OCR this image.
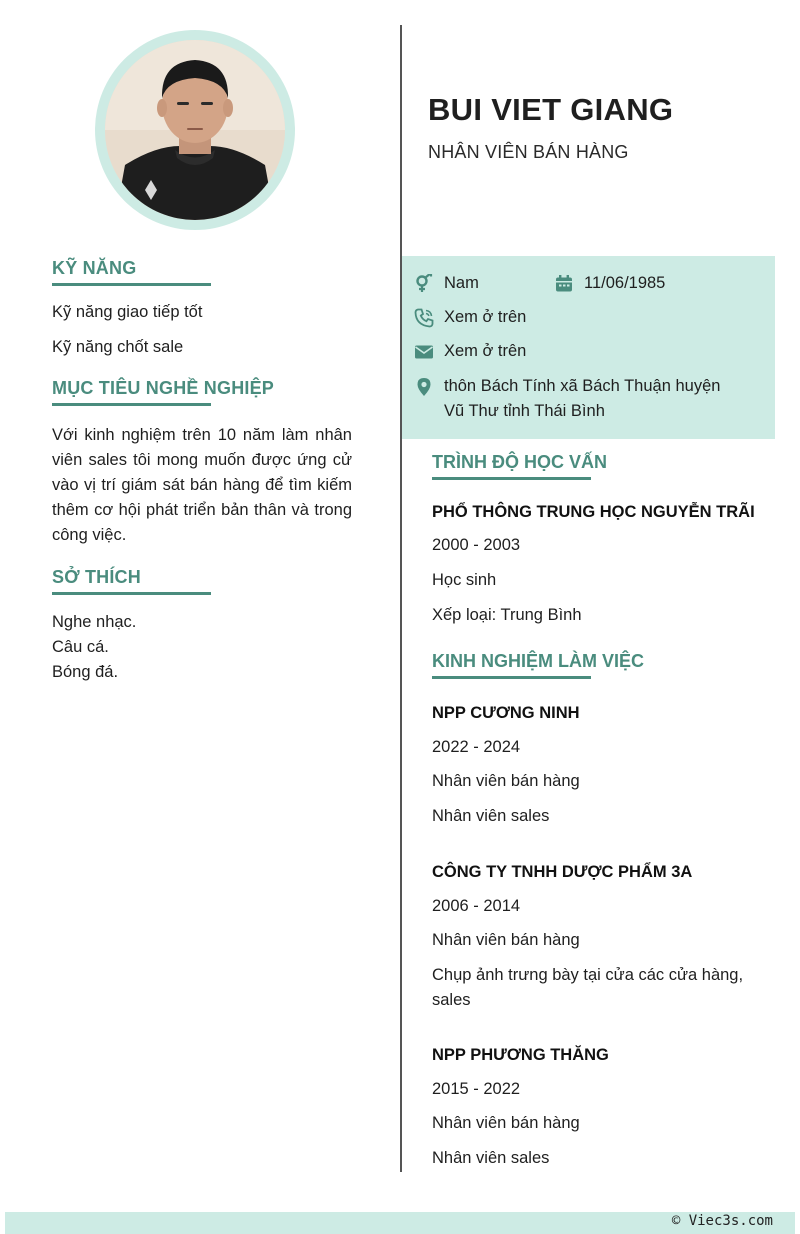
KỸ NĂNG
Kỹ năng giao tiếp tốt
Kỹ năng chốt sale
MỤC TIÊU NGHỀ NGHIỆP
Với kinh nghiệm trên 10 năm làm nhân viên sales tôi mong muốn được ứng cử vào vị trí giám sát bán hàng để tìm kiếm thêm cơ hội phát triển bản thân và trong công việc.
SỞ THÍCH
Nghe nhạc.
Câu cá.
Bóng đá.
BUI VIET GIANG
NHÂN VIÊN BÁN HÀNG
Nam	11/06/1985
Xem ở trên
Xem ở trên
thôn Bách Tính xã Bách Thuận huyện
Vũ Thư tỉnh Thái Bình
TRÌNH ĐỘ HỌC VẤN
PHỔ THÔNG TRUNG HỌC NGUYỄN TRÃI
2000 - 2003
Học sinh
Xếp loại: Trung Bình
KINH NGHIỆM LÀM VIỆC
NPP CƯƠNG NINH
2022 - 2024
Nhân viên bán hàng
Nhân viên sales
CÔNG TY TNHH DƯỢC PHẨM 3A
2006 - 2014
Nhân viên bán hàng
Chụp ảnh trưng bày tại cửa các cửa hàng, sales
NPP PHƯƠNG THĂNG
2015 - 2022
Nhân viên bán hàng
Nhân viên sales
© Viec3s.com
